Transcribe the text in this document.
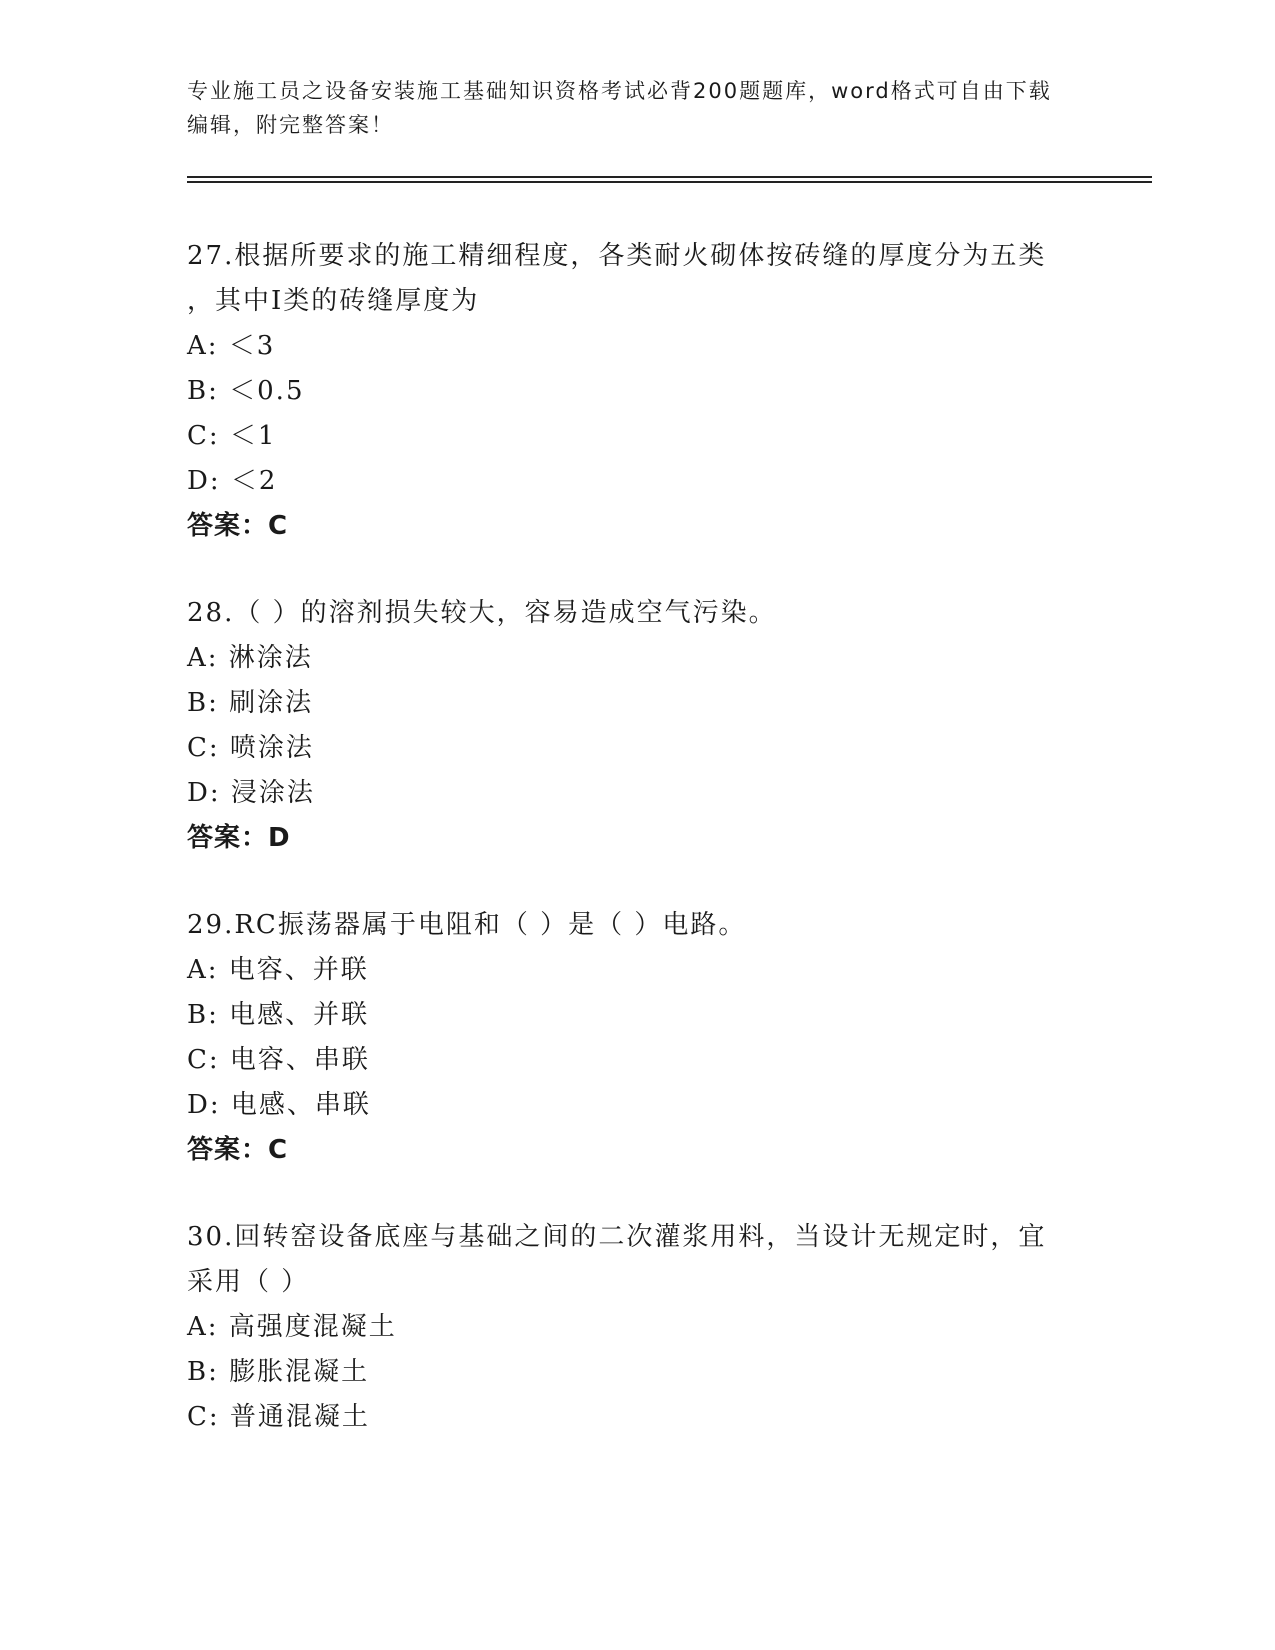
专业施工员之设备安装施工基础知识资格考试必背200题题库，word格式可自由下载编辑，附完整答案！
27.根据所要求的施工精细程度，各类耐火砌体按砖缝的厚度分为五类
，其中Ⅰ类的砖缝厚度为
A: ＜3
B: ＜0.5
C: ＜1
D: ＜2
答案：C
28.（ ）的溶剂损失较大，容易造成空气污染。
A: 淋涂法
B: 刷涂法
C: 喷涂法
D: 浸涂法
答案：D
29.RC振荡器属于电阻和（ ）是（ ）电路。
A: 电容、并联
B: 电感、并联
C: 电容、串联
D: 电感、串联
答案：C
30.回转窑设备底座与基础之间的二次灌浆用料，当设计无规定时，宜
采用（ ）
A: 高强度混凝土
B: 膨胀混凝土
C: 普通混凝土
